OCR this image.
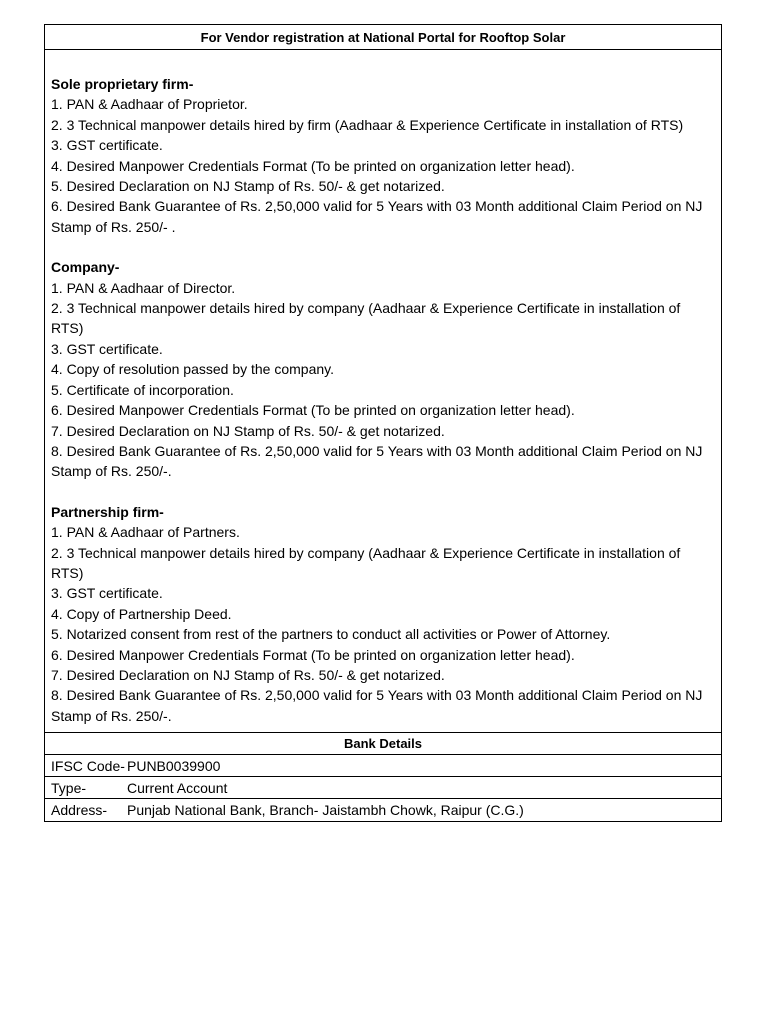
For Vendor registration at National Portal for Rooftop Solar
Sole proprietary firm-
1. PAN & Aadhaar of Proprietor.
2. 3 Technical manpower details hired by firm (Aadhaar & Experience Certificate in installation of RTS)
3. GST certificate.
4. Desired Manpower Credentials Format (To be printed on organization letter head).
5. Desired Declaration on NJ Stamp of Rs. 50/- & get notarized.
6. Desired Bank Guarantee of Rs. 2,50,000 valid for 5 Years with 03 Month additional Claim Period on NJ Stamp of Rs. 250/- .
Company-
1. PAN & Aadhaar of Director.
2. 3 Technical manpower details hired by company (Aadhaar & Experience Certificate in installation of RTS)
3. GST certificate.
4. Copy of resolution passed by the company.
5. Certificate of incorporation.
6. Desired Manpower Credentials Format (To be printed on organization letter head).
7. Desired Declaration on NJ Stamp of Rs. 50/- & get notarized.
8. Desired Bank Guarantee of Rs. 2,50,000 valid for 5 Years with 03 Month additional Claim Period on NJ Stamp of Rs. 250/-.
Partnership firm-
1. PAN & Aadhaar of Partners.
2. 3 Technical manpower details hired by company (Aadhaar & Experience Certificate in installation of RTS)
3. GST certificate.
4. Copy of Partnership Deed.
5. Notarized consent from rest of the partners to conduct all activities or Power of Attorney.
6. Desired Manpower Credentials Format (To be printed on organization letter head).
7. Desired Declaration on NJ Stamp of Rs. 50/- & get notarized.
8. Desired Bank Guarantee of Rs. 2,50,000 valid for 5 Years with 03 Month additional Claim Period on NJ Stamp of Rs. 250/-.
Bank Details
IFSC Code- PUNB0039900
Type-	Current Account
Address- Punjab National Bank, Branch- Jaistambh Chowk, Raipur (C.G.)
